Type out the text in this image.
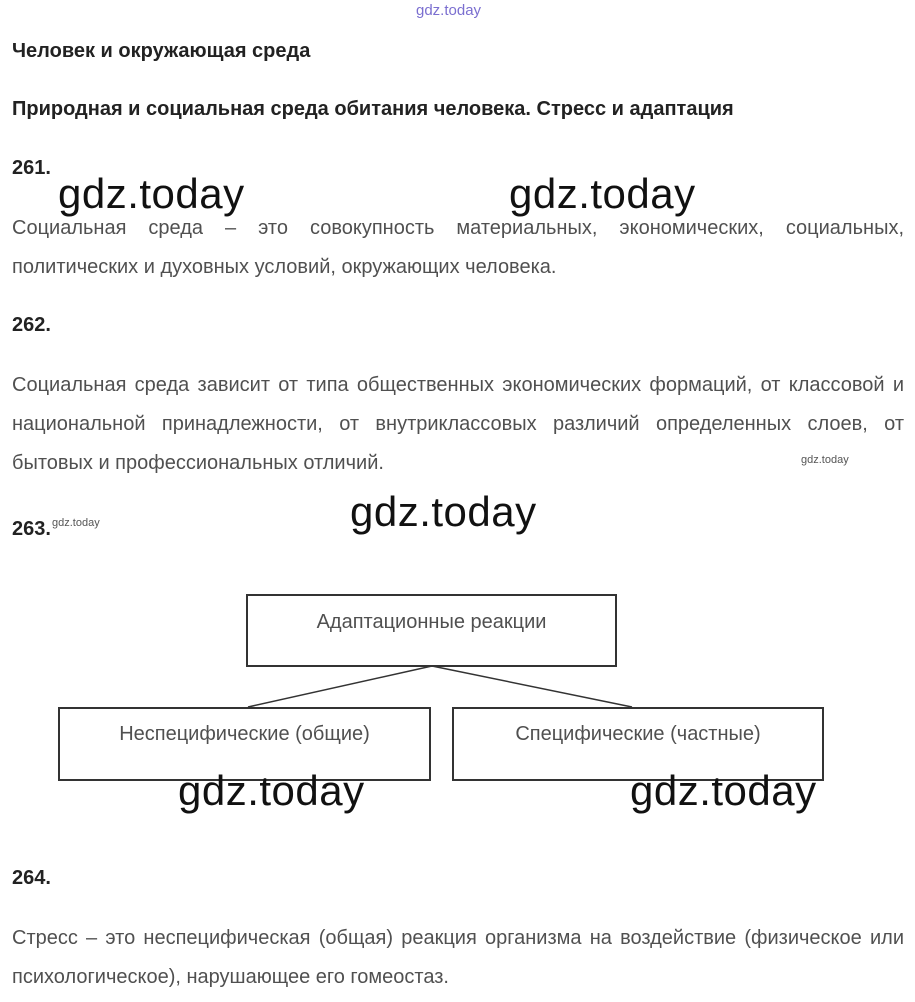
gdz.today
Человек и окружающая среда
Природная и социальная среда обитания человека. Стресс и адаптация
261.
Социальная среда – это совокупность материальных, экономических, социальных, политических и духовных условий, окружающих человека.
262.
Социальная среда зависит от типа общественных экономических формаций, от классовой и национальной принадлежности, от внутриклассовых различий определенных слоев, от бытовых и профессиональных отличий.
263.
Адаптационные реакции
Неспецифические (общие)	Специфические (частные)
264.
Стресс – это неспецифическая (общая) реакция организма на воздействие (физическое или психологическое), нарушающее его гомеостаз.
gdz.today	gdz.today
gdz.today
gdz.today	gdz.today
gdz.today
gdz.today
